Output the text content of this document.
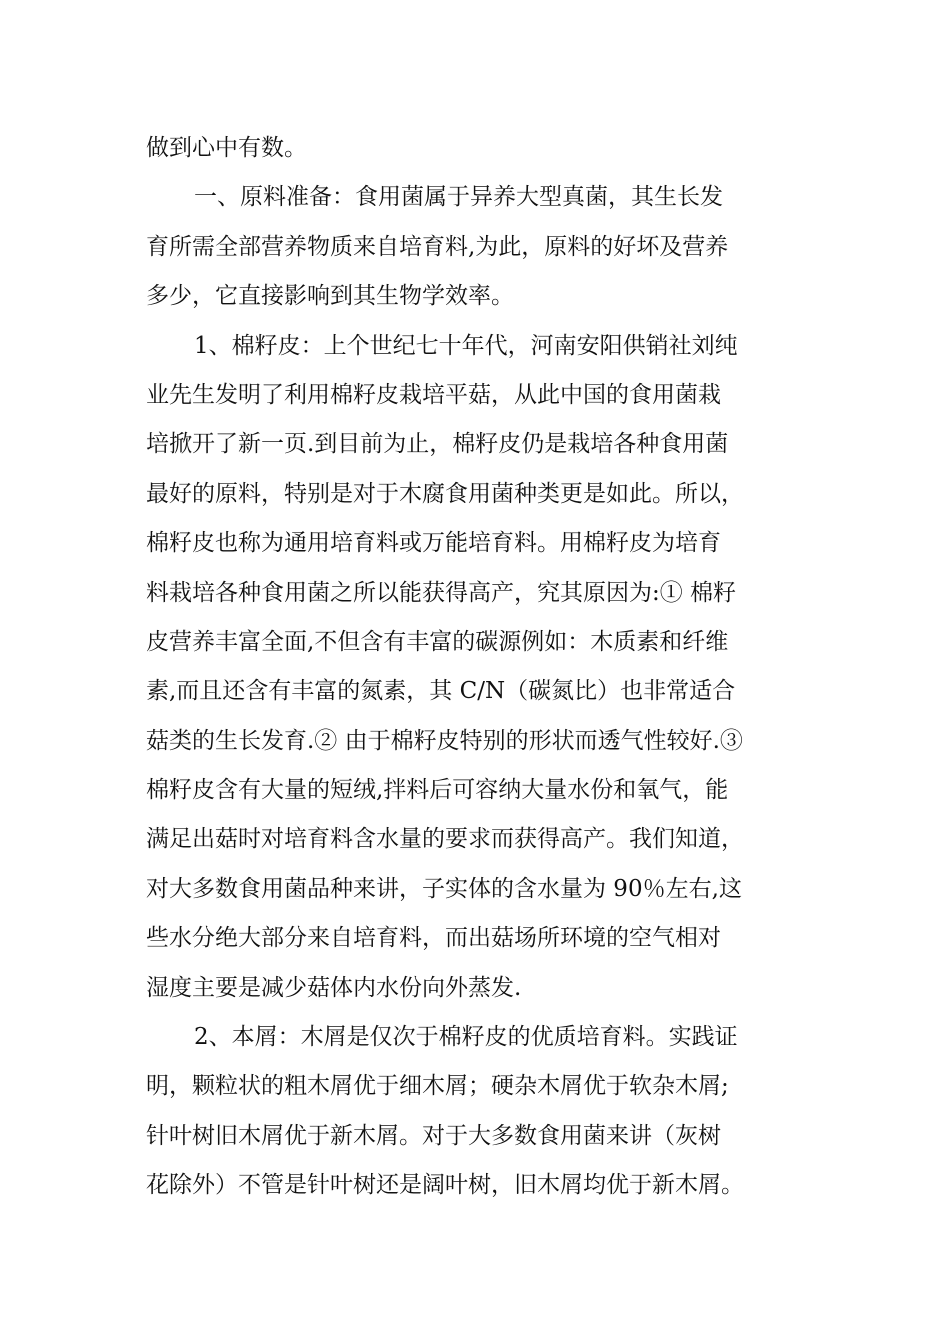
做到心中有数。
一、原料准备：食用菌属于异养大型真菌，其生长发
育所需全部营养物质来自培育料,为此，原料的好坏及营养
多少，它直接影响到其生物学效率。
1、棉籽皮：上个世纪七十年代，河南安阳供销社刘纯
业先生发明了利用棉籽皮栽培平菇，从此中国的食用菌栽
培掀开了新一页.到目前为止，棉籽皮仍是栽培各种食用菌
最好的原料，特别是对于木腐食用菌种类更是如此。所以，
棉籽皮也称为通用培育料或万能培育料。用棉籽皮为培育
料栽培各种食用菌之所以能获得高产，究其原因为:① 棉籽
皮营养丰富全面,不但含有丰富的碳源例如：木质素和纤维
素,而且还含有丰富的氮素，其 C/N（碳氮比）也非常适合
菇类的生长发育.② 由于棉籽皮特别的形状而透气性较好.③
棉籽皮含有大量的短绒,拌料后可容纳大量水份和氧气，能
满足出菇时对培育料含水量的要求而获得高产。我们知道，
对大多数食用菌品种来讲，子实体的含水量为 90％左右,这
些水分绝大部分来自培育料，而出菇场所环境的空气相对
湿度主要是减少菇体内水份向外蒸发.
2、本屑：木屑是仅次于棉籽皮的优质培育料。实践证
明，颗粒状的粗木屑优于细木屑；硬杂木屑优于软杂木屑;
针叶树旧木屑优于新木屑。对于大多数食用菌来讲（灰树
花除外）不管是针叶树还是阔叶树，旧木屑均优于新木屑。
